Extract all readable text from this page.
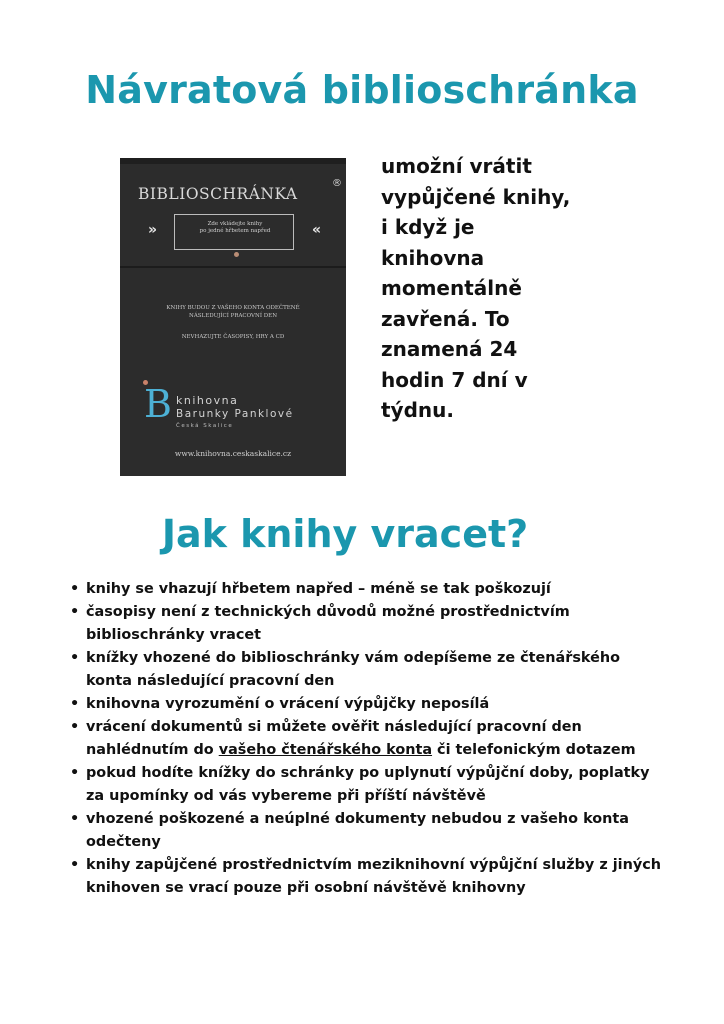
Návratová biblioschránka
BIBLIOSCHRÁNKA
®
»	Zde vkládejte knihy
po jedné hřbetem napřed	«
KNIHY BUDOU Z VAŠEHO KONTA ODEČTENÉ
NÁSLEDUJÍCÍ PRACOVNÍ DEN
NEVHAZUJTE ČASOPISY, HRY A CD
B knihovna
Barunky Panklové
Česká Skalice
www.knihovna.ceskaskalice.cz
umožní vrátit
vypůjčené knihy,
i když je
knihovna
momentálně
zavřená. To
znamená 24
hodin 7 dní v
týdnu.
Jak knihy vracet?
• knihy se vhazují hřbetem napřed – méně se tak poškozují
• časopisy není z technických důvodů možné prostřednictvím
biblioschránky vracet
• knížky vhozené do biblioschránky vám odepíšeme ze čtenářského
konta následující pracovní den
• knihovna vyrozumění o vrácení výpůjčky neposílá
• vrácení dokumentů si můžete ověřit následující pracovní den
nahlédnutím do vašeho čtenářského konta či telefonickým dotazem
• pokud hodíte knížky do schránky po uplynutí výpůjční doby, poplatky
za upomínky od vás vybereme při příští návštěvě
• vhozené poškozené a neúplné dokumenty nebudou z vašeho konta
odečteny
• knihy zapůjčené prostřednictvím meziknihovní výpůjční služby z jiných
knihoven se vrací pouze při osobní návštěvě knihovny
